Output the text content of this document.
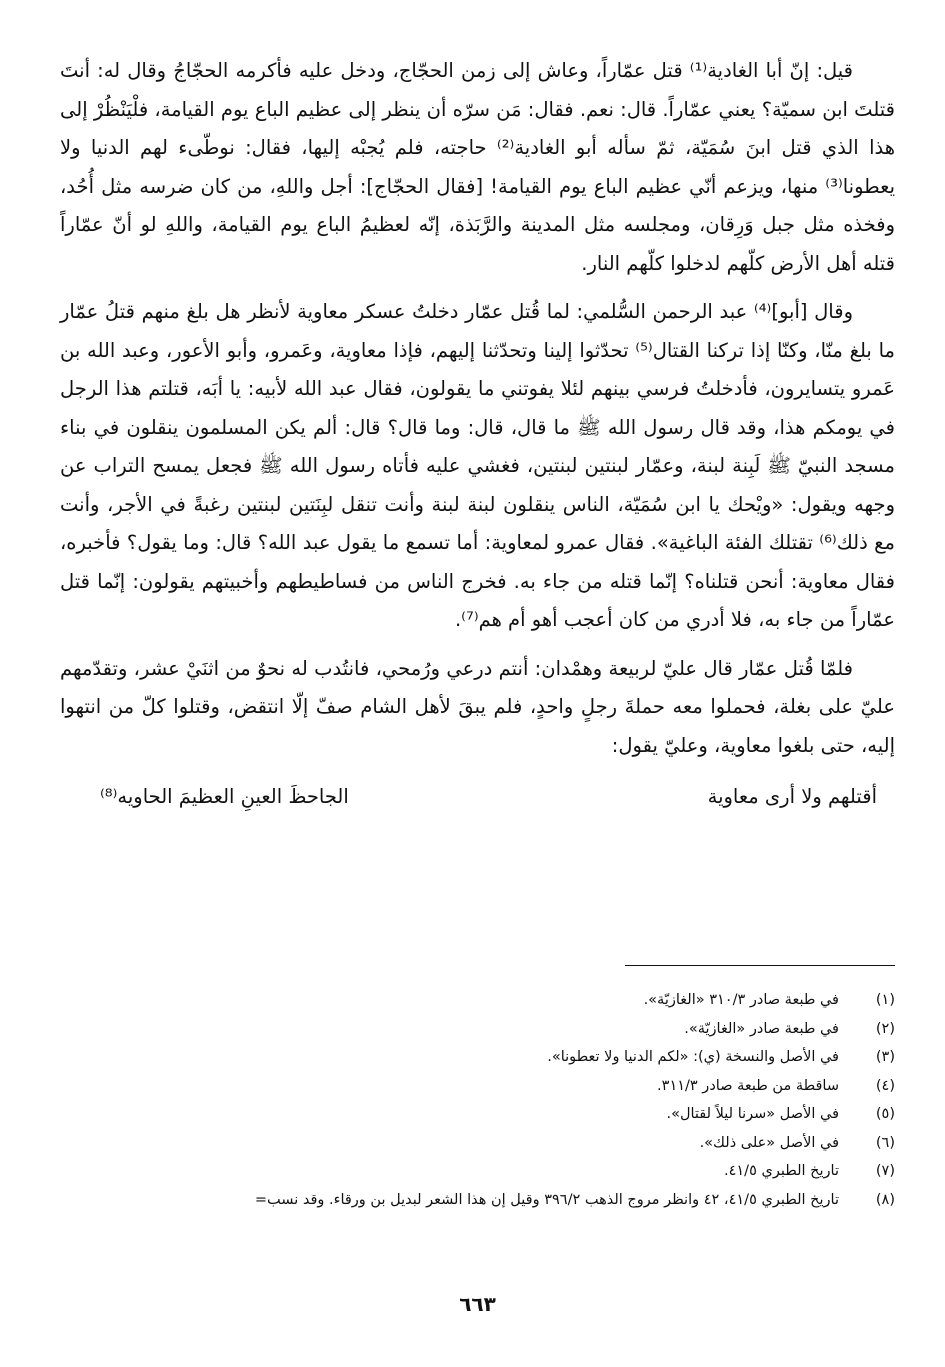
قيل: إنّ أبا الغادية⁽¹⁾ قتل عمّاراً، وعاش إلى زمن الحجّاج، ودخل عليه فأكرمه الحجّاجُ وقال له: أنتَ قتلتَ ابن سميّة؟ يعني عمّاراً. قال: نعم. فقال: مَن سرّه أن ينظر إلى عظيم الباع يوم القيامة، فلْيَنْظُرْ إلى هذا الذي قتل ابنَ سُمَيّة، ثمّ سأله أبو الغادية⁽²⁾ حاجته، فلم يُجبْه إليها، فقال: نوطّىء لهم الدنيا ولا يعطونا⁽³⁾ منها، ويزعم أنّي عظيم الباع يوم القيامة! [فقال الحجّاج]: أجل واللهِ، من كان ضرسه مثل أُحُد، وفخذه مثل جبل وَرِقان، ومجلسه مثل المدينة والرَّبَذة، إنّه لعظيمُ الباع يوم القيامة، واللهِ لو أنّ عمّاراً قتله أهل الأرض كلّهم لدخلوا كلّهم النار.

وقال [أبو]⁽⁴⁾ عبد الرحمن السُّلمي: لما قُتل عمّار دخلتُ عسكر معاوية لأنظر هل بلغ منهم قتلُ عمّار ما بلغ منّا، وكنّا إذا تركنا القتال⁽⁵⁾ تحدّثوا إلينا وتحدّثنا إليهم، فإذا معاوية، وعَمرو، وأبو الأعور، وعبد الله بن عَمرو يتسايرون، فأدخلتُ فرسي بينهم لئلا يفوتني ما يقولون، فقال عبد الله لأبيه: يا أبَه، قتلتم هذا الرجل في يومكم هذا، وقد قال رسول الله ﷺ ما قال، قال: وما قال؟ قال: ألم يكن المسلمون ينقلون في بناء مسجد النبيّ ﷺ لَبِنة لبنة، وعمّار لبنتين لبنتين، فغشي عليه فأتاه رسول الله ﷺ فجعل يمسح التراب عن وجهه ويقول: «ويْحك يا ابن سُمَيّة، الناس ينقلون لبنة لبنة وأنت تنقل لبِنَتين لبنتين رغبةً في الأجر، وأنت مع ذلك⁽⁶⁾ تقتلك الفئة الباغية». فقال عمرو لمعاوية: أما تسمع ما يقول عبد الله؟ قال: وما يقول؟ فأخبره، فقال معاوية: أنحن قتلناه؟ إنّما قتله من جاء به. فخرج الناس من فساطيطهم وأخبيتهم يقولون: إنّما قتل عمّاراً من جاء به، فلا أدري من كان أعجب أهو أم هم⁽⁷⁾.

فلمّا قُتل عمّار قال عليّ لربيعة وهمْدان: أنتم درعي ورُمحي، فانتُدب له نحوٌ من اثنَيْ عشر، وتقدّمهم عليّ على بغلة، فحملوا معه حملةَ رجلٍ واحدٍ، فلم يبقَ لأهل الشام صفّ إلّا انتقض، وقتلوا كلّ من انتهوا إليه، حتى بلغوا معاوية، وعليّ يقول:

أقتلهم ولا أرى معاوية
الجاحظَ العينِ العظيمَ الحاويه⁽⁸⁾
(١)
في طبعة صادر ٣١٠/٣ «الغازيّة».
(٢)
في طبعة صادر «الغازيّة».
(٣)
في الأصل والنسخة (ي): «لكم الدنيا ولا تعطونا».
(٤)
ساقطة من طبعة صادر ٣١١/٣.
(٥)
في الأصل «سرنا ليلاً لقتال».
(٦)
في الأصل «على ذلك».
(٧)
تاريخ الطبري ٤١/٥.
(٨)
تاريخ الطبري ٤١/٥، ٤٢ وانظر مروج الذهب ٣٩٦/٢ وقيل إن هذا الشعر لبديل بن ورقاء. وقد نسب=
٦٦٣
